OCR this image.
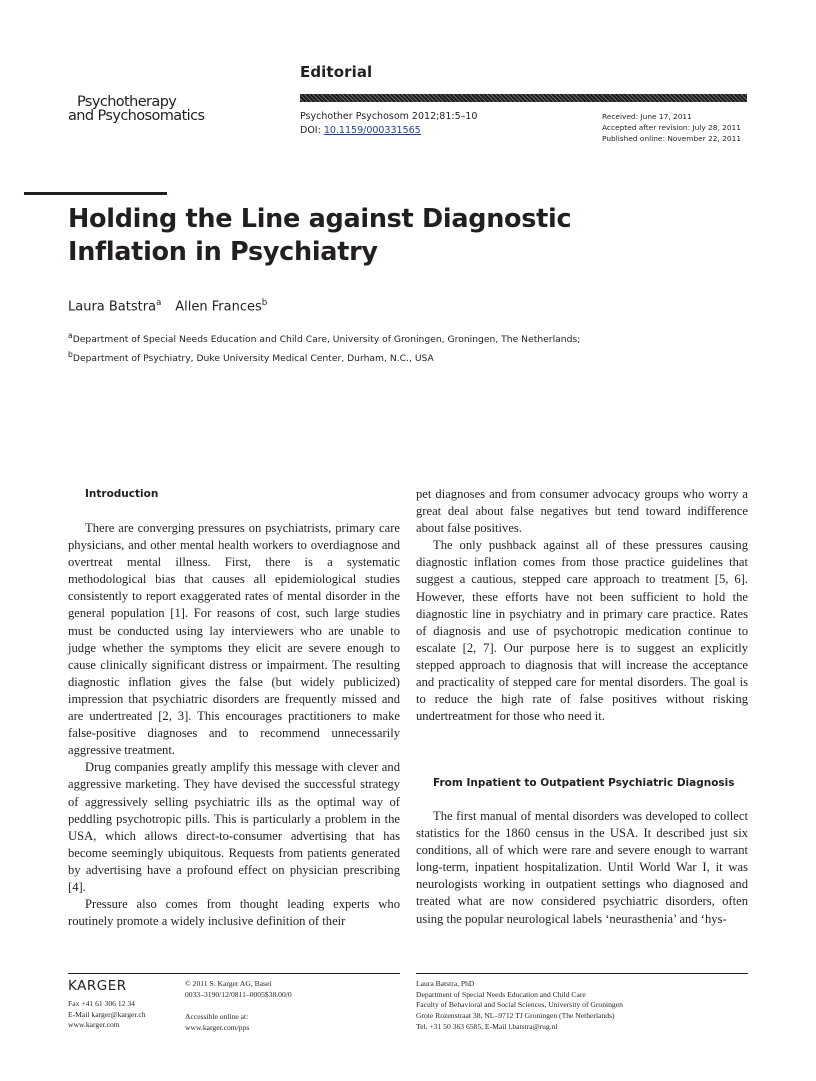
Editorial
Psychotherapy
and Psychosomatics	Psychother Psychosom 2012;81:5–10
DOI: 10.1159/000331565
Received: June 17, 2011
Accepted after revision: July 28, 2011
Published online: November 22, 2011
Holding the Line against Diagnostic
Inflation in Psychiatry
Laura Batstra$^a$ Allen Frances$^b$
$^a$Department of Special Needs Education and Child Care, University of Groningen, Groningen, The Netherlands;
$^b$Department of Psychiatry, Duke University Medical Center, Durham, N.C., USA
Introduction

There are converging pressures on psychiatrists, primary care physicians, and other mental health workers to overdiagnose and overtreat mental illness. First, there is a systematic methodological bias that causes all epidemiological studies consistently to report exaggerated rates of mental disorder in the general population [1]. For reasons of cost, such large studies must be conducted using lay interviewers who are unable to judge whether the symptoms they elicit are severe enough to cause clinically significant distress or impairment. The resulting diagnostic inflation gives the false (but widely publicized) impression that psychiatric disorders are frequently missed and are undertreated [2, 3]. This encourages practitioners to make false-positive diagnoses and to recommend unnecessarily aggressive treatment.

Drug companies greatly amplify this message with clever and aggressive marketing. They have devised the successful strategy of aggressively selling psychiatric ills as the optimal way of peddling psychotropic pills. This is particularly a problem in the USA, which allows direct-to-consumer advertising that has become seemingly ubiquitous. Requests from patients generated by advertising have a profound effect on physician prescribing [4].

Pressure also comes from thought leading experts who routinely promote a widely inclusive definition of their

pet diagnoses and from consumer advocacy groups who worry a great deal about false negatives but tend toward indifference about false positives.

The only pushback against all of these pressures causing diagnostic inflation comes from those practice guidelines that suggest a cautious, stepped care approach to treatment [5, 6]. However, these efforts have not been sufficient to hold the diagnostic line in psychiatry and in primary care practice. Rates of diagnosis and use of psychotropic medication continue to escalate [2, 7]. Our purpose here is to suggest an explicitly stepped approach to diagnosis that will increase the acceptance and practicality of stepped care for mental disorders. The goal is to reduce the high rate of false positives without risking undertreatment for those who need it.

From Inpatient to Outpatient Psychiatric Diagnosis

The first manual of mental disorders was developed to collect statistics for the 1860 census in the USA. It described just six conditions, all of which were rare and severe enough to warrant long-term, inpatient hospitalization. Until World War I, it was neurologists working in outpatient settings who diagnosed and treated what are now considered psychiatric disorders, often using the popular neurological labels ‘neurasthenia’ and ‘hys-

KARGER
Fax +41 61 306 12 34
E-Mail karger@karger.ch
www.karger.com
© 2011 S. Karger AG, Basel
0033–3190/12/0811–0005$38.00/0
Accessible online at:
www.karger.com/pps
Laura Batstra, PhD
Department of Special Needs Education and Child Care
Faculty of Behavioral and Social Sciences, University of Groningen
Grote Rozenstraat 38, NL–9712 TJ Groningen (The Netherlands)
Tel. +31 50 363 6585, E-Mail l.batstra@rug.nl
